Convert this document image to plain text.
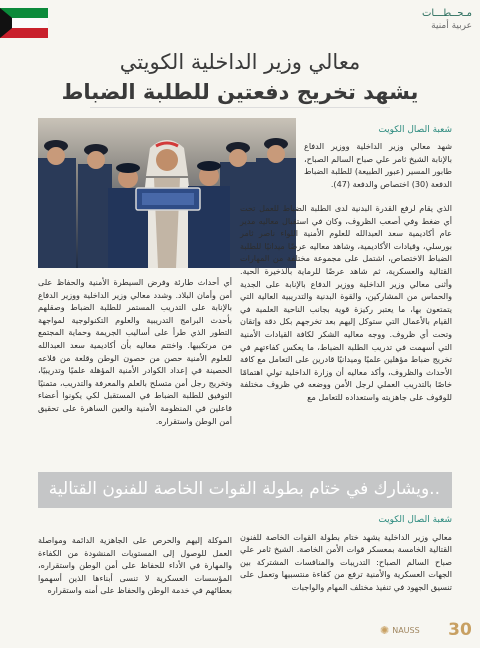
مـحــطـــات
عربية أمنية
معالي وزير الداخلية الكويتي
يشهد تخريج دفعتين للطلبة الضباط
شعبة الصال الكويت
شهد معالي وزير الداخلية ووزير الدفاع بالإنابة الشيخ ثامر علي صباح السالم الصباح، طابور المسير (عبور الطبيعة) للطلبة الضباط الدفعة (30) اختصاص والدفعة (47).
الذي يقام لرفع القدرة البدنية لدى الطلبة الضباط للعمل تحت أي ضغط وفي أصعب الظروف، وكان في استقبال معاليه مدير عام أكاديمية سعد العبدالله للعلوم الأمنية اللواء ناصر ثامر بورسلي، وقيادات الأكاديمية، وشاهد معاليه عرضًا ميدانيًا للطلبة الضباط الاختصاص، اشتمل على مجموعة مختلفة من المهارات القتالية والعسكرية، ثم شاهد عرضًا للرماية بالذخيرة الحية. وأثنى معالي وزير الداخلية ووزير الدفاع بالإنابة على الجدية والحماس من المشاركين، والقوة البدنية والتدريبية العالية التي يتمتعون بها، ما يعتبر ركيزة قوية بجانب الناحية العلمية في القيام بالأعمال التي ستوكل إليهم بعد تخرجهم بكل دقة وإتقان وتحت أي ظروف. ووجه معاليه الشكر لكافة القيادات الأمنية التي أسهمت في تدريب الطلبة الضباط، ما يعكس كفاءتهم في تخريج ضباط مؤهلين علميًا وميدانيًا قادرين على التعامل مع كافة الأحداث والظروف، وأكد معاليه أن وزارة الداخلية تولي اهتمامًا خاصًا بالتدريب العملي لرجل الأمن ووضعه في ظروف مختلفة للوقوف على جاهزيته واستعداده للتعامل مع
أي أحداث طارئة وفرض السيطرة الأمنية والحفاظ على أمن وأمان البلاد. وشدد معالي وزير الداخلية ووزير الدفاع بالإنابة على التدريب المستمر للطلبة الضباط وصقلهم بأحدث البرامج التدريبية والعلوم التكنولوجية لمواجهة التطور الذي طرأ على أساليب الجريمة وحماية المجتمع من مرتكبيها. واختتم معاليه بأن أكاديمية سعد العبدالله للعلوم الأمنية حصن من حصون الوطن وقلعة من قلاعه الحصينة في إعداد الكوادر الأمنية المؤهلة علميًا وتدريبيًا، وتخريج رجل أمن متسلح بالعلم والمعرفة والتدريب، متمنيًا التوفيق للطلبة الضباط في المستقبل لكي يكونوا أعضاء فاعلين في المنظومة الأمنية والعين الساهرة على تحقيق أمن الوطن واستقراره.
..ويشارك في ختام بطولة القوات الخاصة للفنون القتالية
شعبة الصال الكويت
معالي وزير الداخلية يشهد ختام بطولة القوات الخاصة للفنون القتالية الخامسة بمعسكر قوات الأمن الخاصة. الشيخ ثامر علي صباح السالم الصباح: التدريبات والمنافسات المشتركة بين الجهات العسكرية والأمنية ترفع من كفاءة منتسبيها وتعمل على تنسيق الجهود في تنفيذ مختلف المهام والواجبات
الموكلة إليهم والحرص على الجاهزية الدائمة ومواصلة العمل للوصول إلى المستويات المنشودة من الكفاءة والمهارة في الأداء للحفاظ على أمن الوطن واستقراره، المؤسسات العسكرية لا تنسى أبناءها الذين أسهموا بعطائهم في خدمة الوطن والحفاظ على أمنه واستقراره
✺ NAUSS	30
